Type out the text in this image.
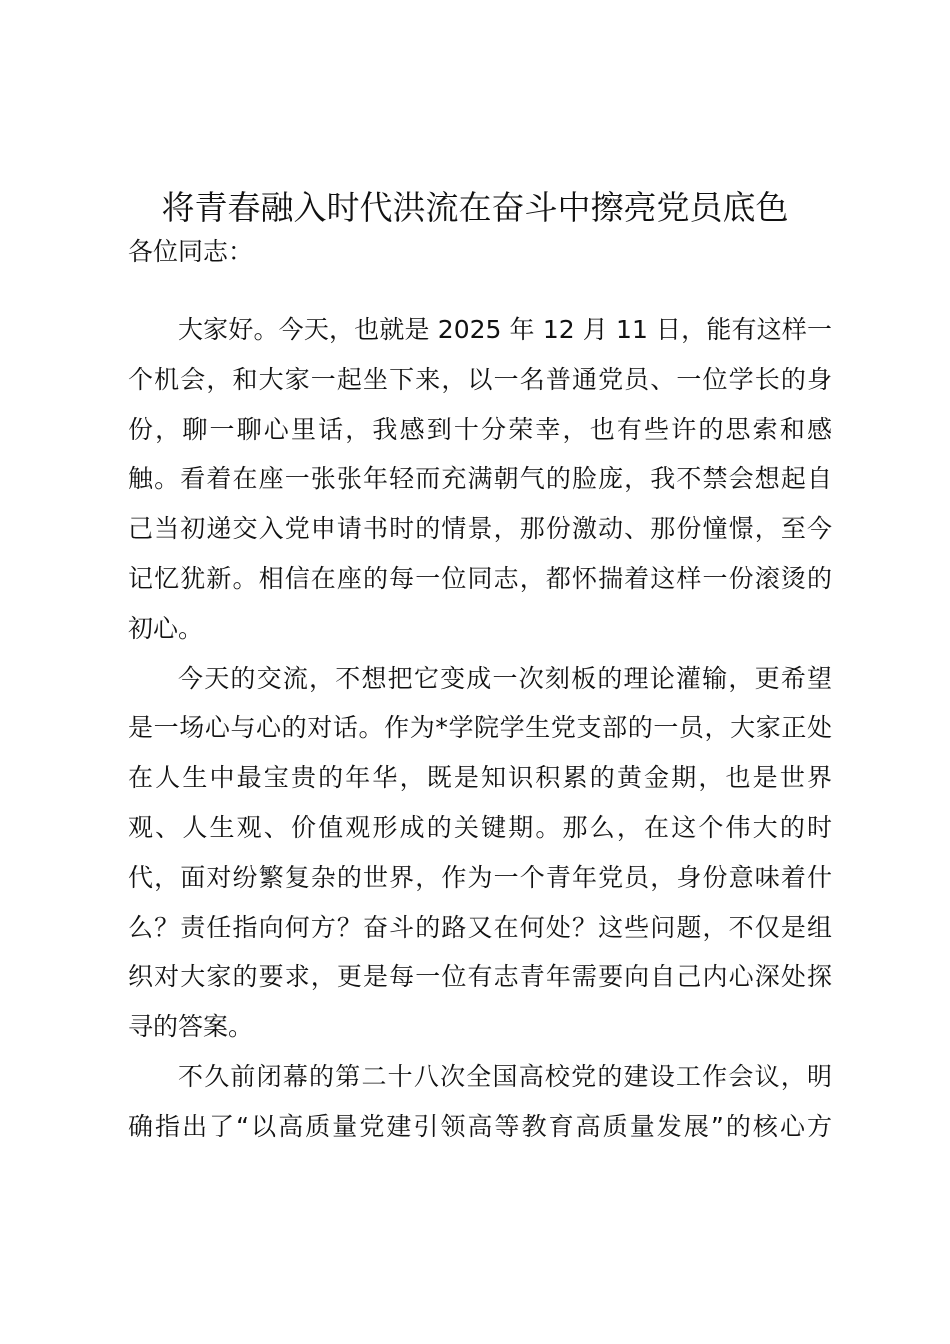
将青春融入时代洪流在奋斗中擦亮党员底色
各位同志：
大家好。今天，也就是 2025 年 12 月 11 日，能有这样一
个机会，和大家一起坐下来，以一名普通党员、一位学长的身
份，聊一聊心里话，我感到十分荣幸，也有些许的思索和感
触。看着在座一张张年轻而充满朝气的脸庞，我不禁会想起自
己当初递交入党申请书时的情景，那份激动、那份憧憬，至今
记忆犹新。相信在座的每一位同志，都怀揣着这样一份滚烫的
初心。
今天的交流，不想把它变成一次刻板的理论灌输，更希望
是一场心与心的对话。作为*学院学生党支部的一员，大家正处
在人生中最宝贵的年华，既是知识积累的黄金期，也是世界
观、人生观、价值观形成的关键期。那么，在这个伟大的时
代，面对纷繁复杂的世界，作为一个青年党员，身份意味着什
么？责任指向何方？奋斗的路又在何处？这些问题，不仅是组
织对大家的要求，更是每一位有志青年需要向自己内心深处探
寻的答案。
不久前闭幕的第二十八次全国高校党的建设工作会议，明
确指出了“以高质量党建引领高等教育高质量发展”的核心方
